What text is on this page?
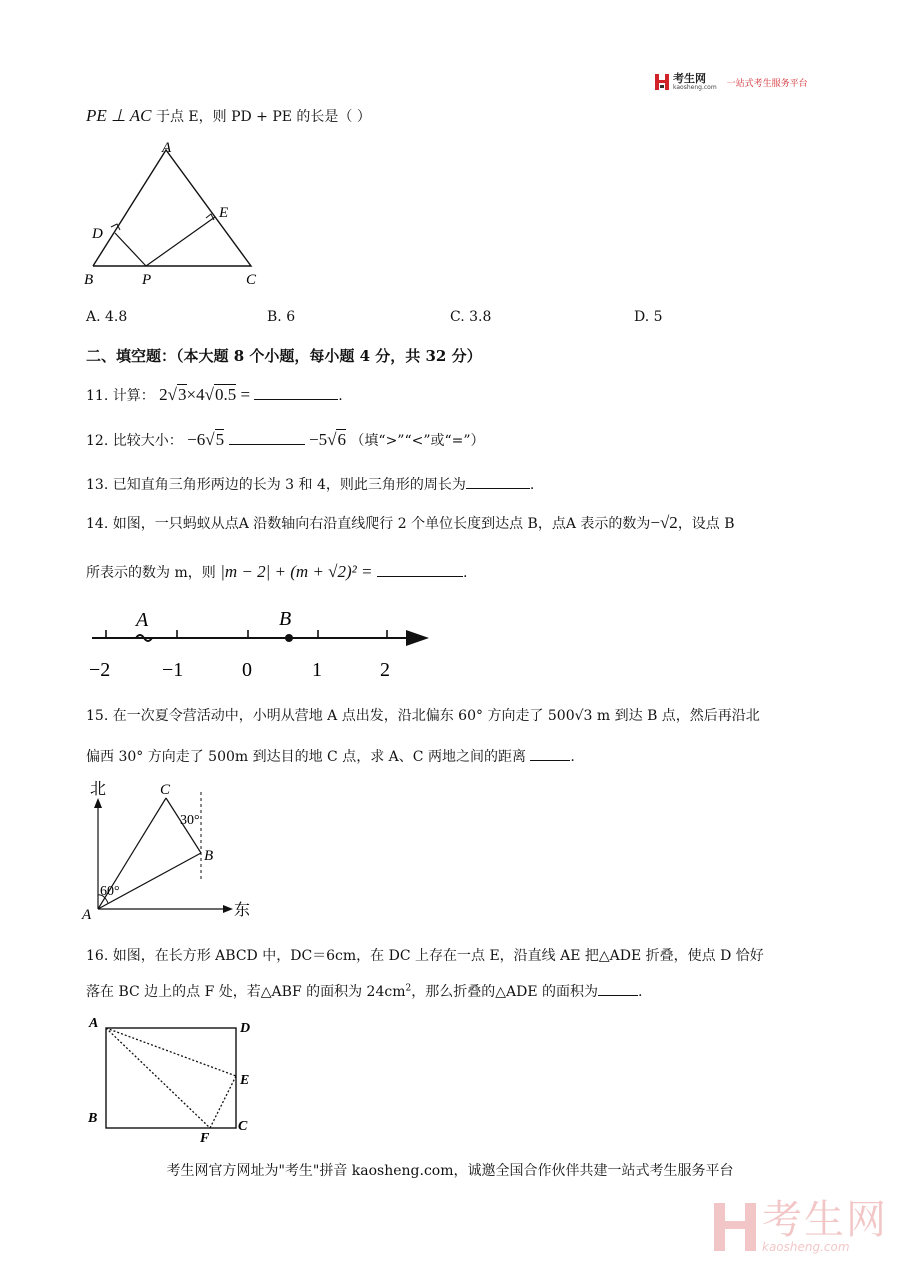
考生网
kaosheng.com 一站式考生服务平台
PE ⊥ AC 于点 E，则 PD + PE 的长是（ ）
A
B	C
D
E
P
A. 4.8	B. 6	C. 3.8	D. 5
二、填空题：（本大题 8 个小题，每小题 4 分，共 32 分）
11. 计算： 2√3×4√0.5 =	.
12. 比较大小： −6√5	−5√6 （填“>”“<”或“=”）
13. 已知直角三角形两边的长为 3 和 4，则此三角形的周长为	.
14. 如图，一只蚂蚁从点A 沿数轴向右沿直线爬行 2 个单位长度到达点 B，点A 表示的数为−√2，设点 B
所表示的数为 m，则 |m − 2| + (m + √2)² =	.
A	B
−2	−1	0	1	2
15. 在一次夏令营活动中，小明从营地 A 点出发，沿北偏东 60° 方向走了 500√3 m 到达 B 点，然后再沿北
偏西 30° 方向走了 500m 到达目的地 C 点，求 A、C 两地之间的距离	.
北
东
A
B
C
60°
30°
16. 如图，在长方形 ABCD 中，DC＝6cm，在 DC 上存在一点 E，沿直线 AE 把△ADE 折叠，使点 D 恰好
落在 BC 边上的点 F 处，若△ABF 的面积为 $24cm^2$，那么折叠的△ADE 的面积为	.
A
B
C
D
E
F
考生网官方网址为"考生"拼音 kaosheng.com，诚邀全国合作伙伴共建一站式考生服务平台
考生网
kaosheng.com
